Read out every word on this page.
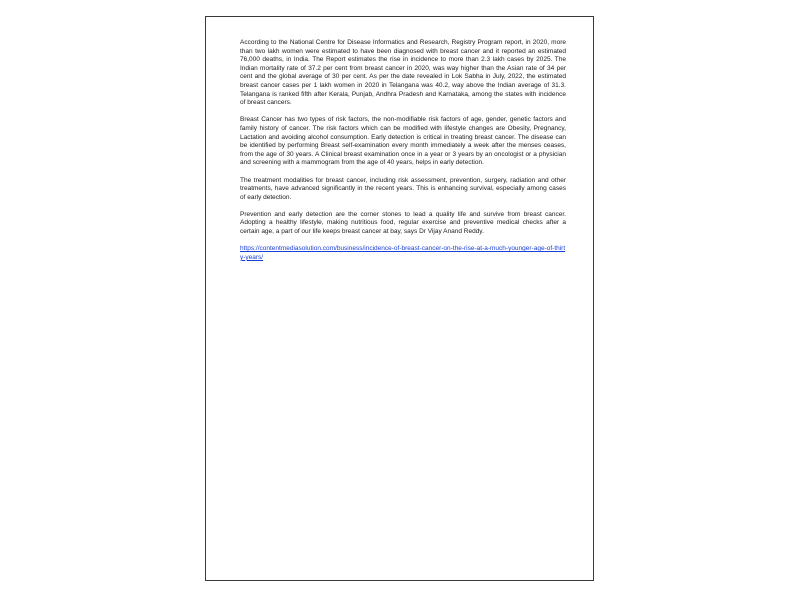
According to the National Centre for Disease Informatics and Research, Registry Program report, in 2020, more than two lakh women were estimated to have been diagnosed with breast cancer and it reported an estimated 76,000 deaths, in India. The Report estimates the rise in incidence to more than 2.3 lakh cases by 2025. The Indian mortality rate of 37.2 per cent from breast cancer in 2020, was way higher than the Asian rate of 34 per cent and the global average of 30 per cent. As per the date revealed in Lok Sabha in July, 2022, the estimated breast cancer cases per 1 lakh women in 2020 in Telangana was 40.2, way above the Indian average of 31.3. Telangana is ranked fifth after Kerala, Punjab, Andhra Pradesh and Karnataka, among the states with incidence of breast cancers.

Breast Cancer has two types of risk factors, the non-modifiable risk factors of age, gender, genetic factors and family history of cancer. The risk factors which can be modified with lifestyle changes are Obesity, Pregnancy, Lactation and avoiding alcohol consumption. Early detection is critical in treating breast cancer. The disease can be identified by performing Breast self-examination every month immediately a week after the menses ceases, from the age of 30 years. A Clinical breast examination once in a year or 3 years by an oncologist or a physician and screening with a mammogram from the age of 40 years, helps in early detection.

The treatment modalities for breast cancer, including risk assessment, prevention, surgery, radiation and other treatments, have advanced significantly in the recent years. This is enhancing survival, especially among cases of early detection.

Prevention and early detection are the corner stones to lead a quality life and survive from breast cancer. Adopting a healthy lifestyle, making nutritious food, regular exercise and preventive medical checks after a certain age, a part of our life keeps breast cancer at bay, says Dr Vijay Anand Reddy.

https://contentmediasolution.com/business/incidence-of-breast-cancer-on-the-rise-at-a-much-younger-age-of-thirty-years/
